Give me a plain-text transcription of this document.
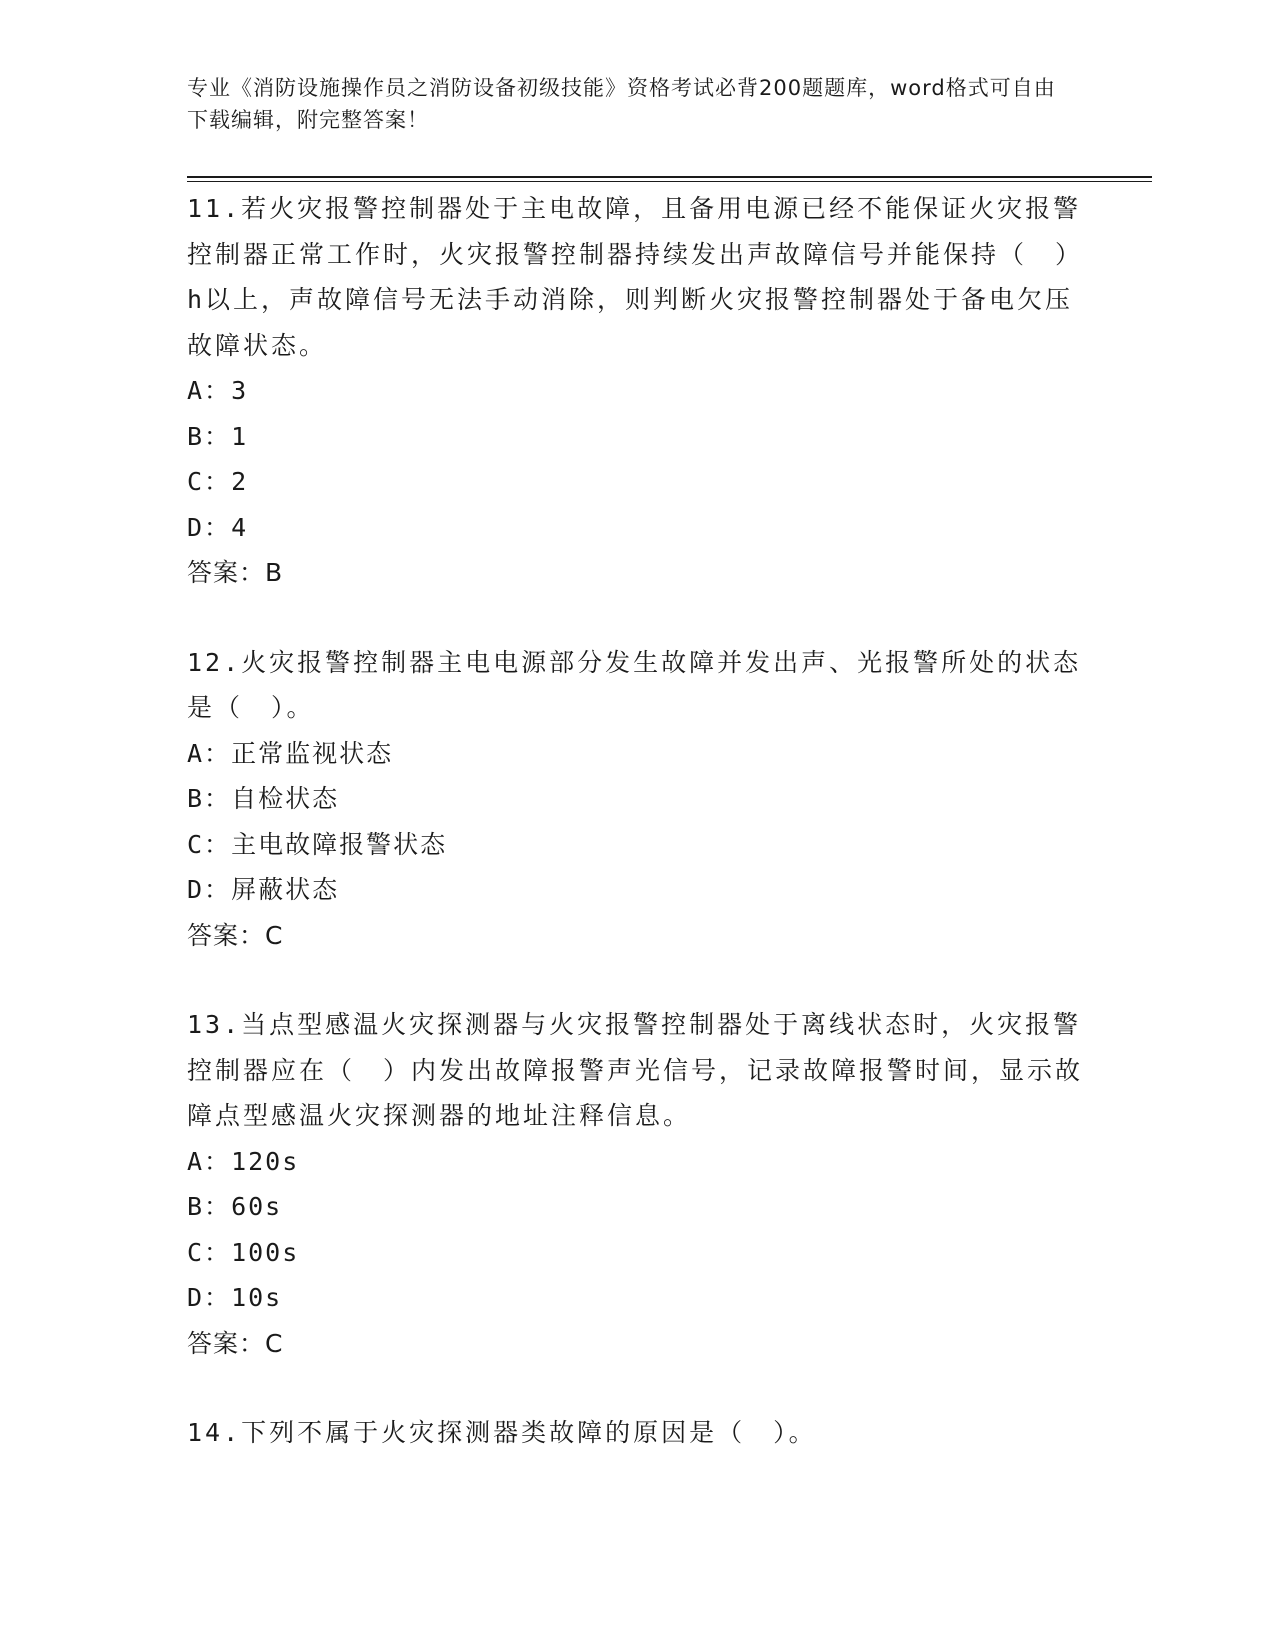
专业《消防设施操作员之消防设备初级技能》资格考试必背200题题库，word格式可自由下载编辑，附完整答案！

11.若火灾报警控制器处于主电故障，且备用电源已经不能保证火灾报警控制器正常工作时，火灾报警控制器持续发出声故障信号并能保持（　）h以上，声故障信号无法手动消除，则判断火灾报警控制器处于备电欠压故障状态。

A： 3
B： 1
C： 2
D： 4

答案：B

12.火灾报警控制器主电电源部分发生故障并发出声、光报警所处的状态是（　）。

A： 正常监视状态
B： 自检状态
C： 主电故障报警状态
D： 屏蔽状态

答案：C

13.当点型感温火灾探测器与火灾报警控制器处于离线状态时，火灾报警控制器应在（　）内发出故障报警声光信号，记录故障报警时间，显示故障点型感温火灾探测器的地址注释信息。

A： 120s
B： 60s
C： 100s
D： 10s

答案：C

14.下列不属于火灾探测器类故障的原因是（　）。
